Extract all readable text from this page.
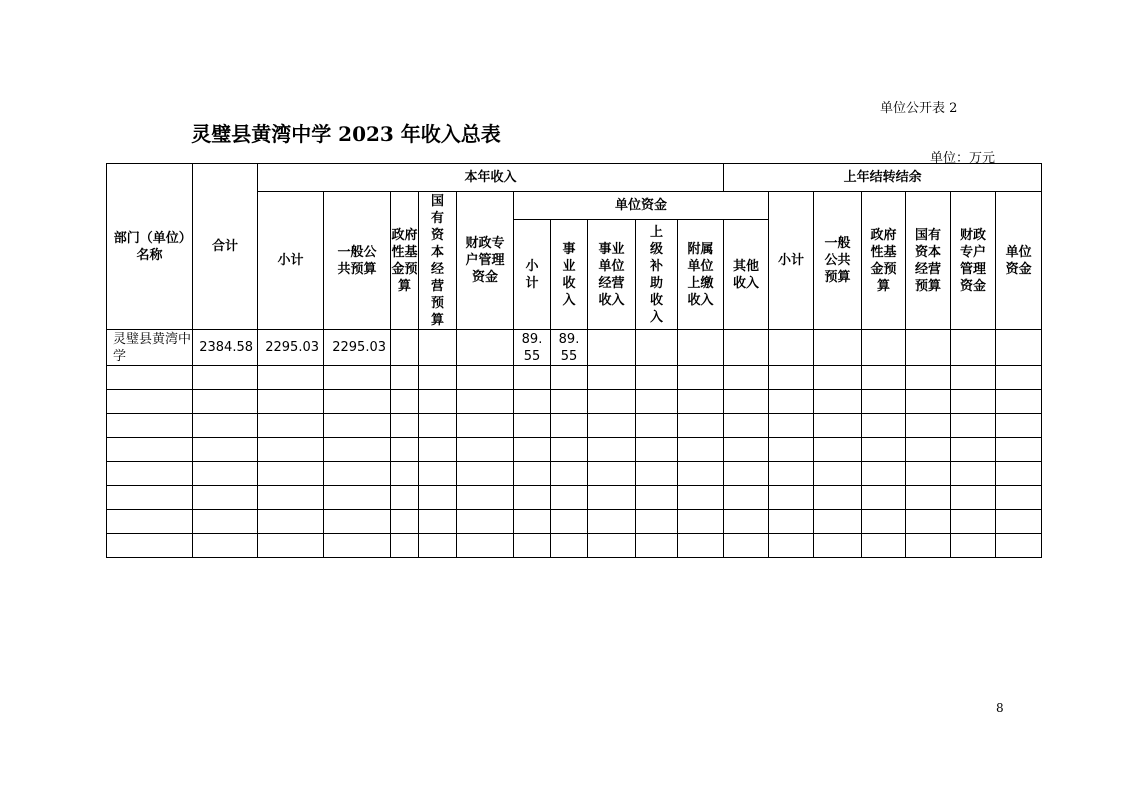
单位公开表 2
灵璧县黄湾中学 2023 年收入总表
单位：万元
部门（单位）名称	合计	本年收入										上年结转结余						
		小计	一般公共预算	政府性基金预算	国有资本经营预算	财政专户管理资金	单位资金						小计	一般公共预算	政府性基金预算	国有资本经营预算	财政专户管理资金	单位资金
							小计	事业收入	事业单位经营收入	上级补助收入	附属单位上缴收入	其他收入						
灵璧县黄湾中学	2384.58	2295.03	2295.03				89.55	89.55										

8
